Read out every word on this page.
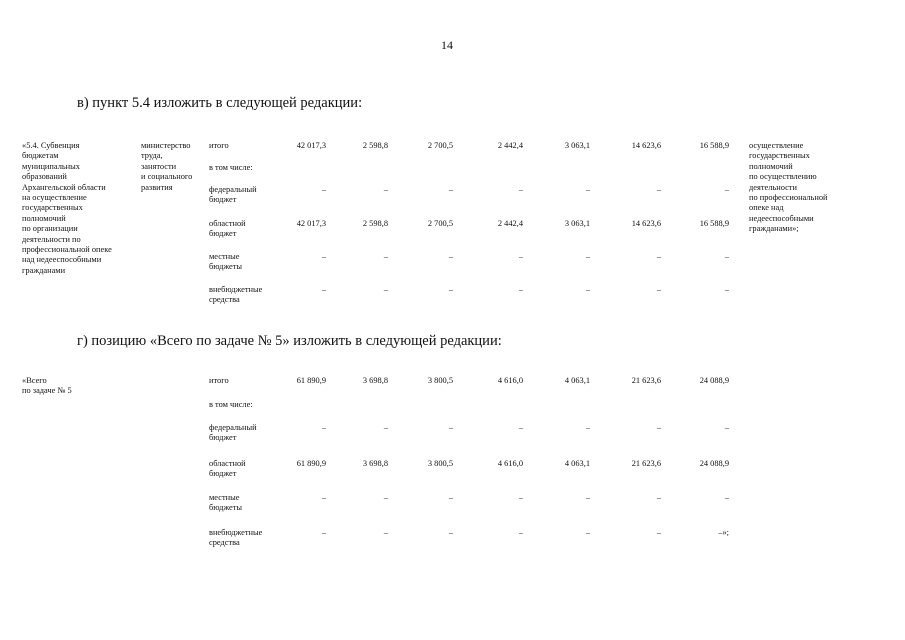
14
в) пункт 5.4 изложить в следующей редакции:
«5.4. Субвенция
бюджетам
муниципальных
образований
Архангельской области
на осуществление
государственных
полномочий
по организации
деятельности по
профессиональной опеке
над недееспособными
гражданами
министерство
труда,
занятости
и социального
развития
осуществление
государственных
полномочий
по осуществлению
деятельности
по профессиональной
опеке над
недееспособными
гражданами»;
итого	42 017,3	2 598,8	2 700,5	2 442,4	3 063,1	14 623,6	16 588,9
в том числе:
федеральный
бюджет
–	–	–	–	–	–	–
областной
бюджет
42 017,3	2 598,8	2 700,5	2 442,4	3 063,1	14 623,6	16 588,9
местные
бюджеты
–	–	–	–	–	–	–
внебюджетные
средства
–	–	–	–	–	–	–
г) позицию «Всего по задаче № 5» изложить в следующей редакции:
«Всего
по задаче № 5
итого	61 890,9	3 698,8	3 800,5	4 616,0	4 063,1	21 623,6	24 088,9
в том числе:
федеральный
бюджет
–	–	–	–	–	–	–
областной
бюджет
61 890,9	3 698,8	3 800,5	4 616,0	4 063,1	21 623,6	24 088,9
местные
бюджеты
–	–	–	–	–	–	–
внебюджетные
средства
–	–	–	–	–	–	–»;
